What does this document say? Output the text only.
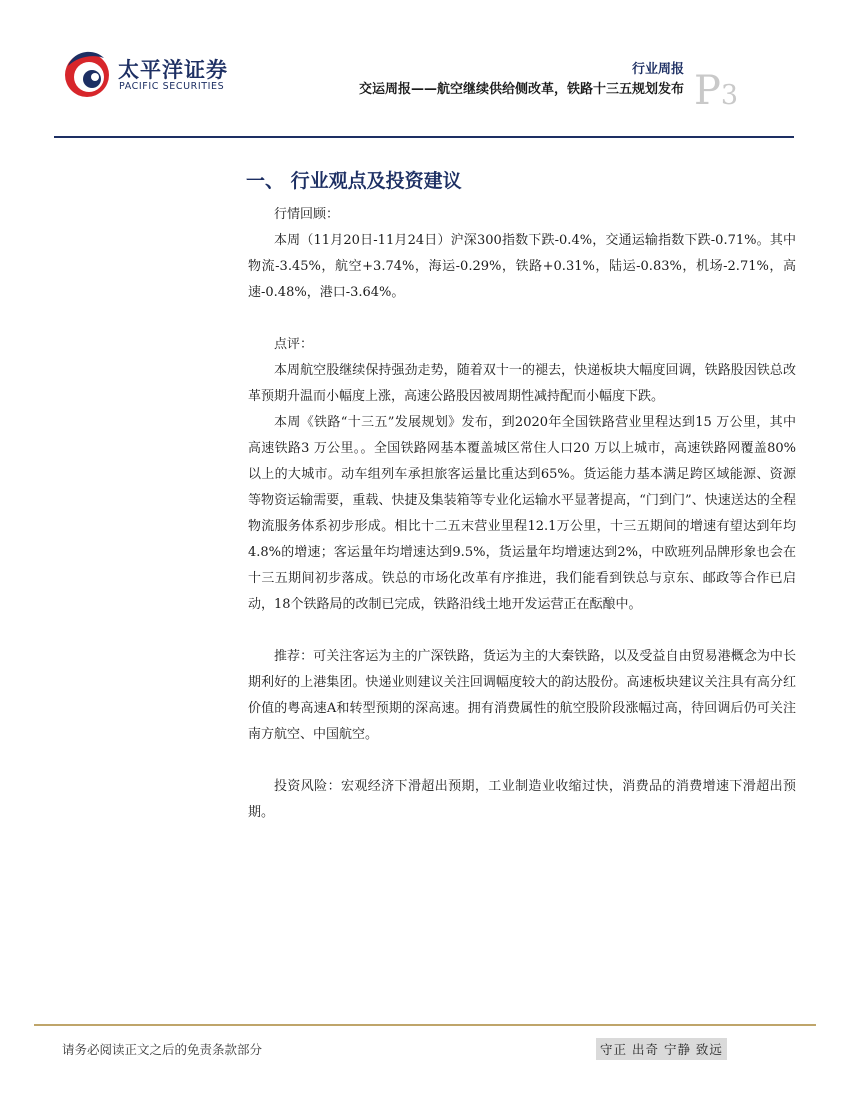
太平洋证券
PACIFIC SECURITIES
行业周报
交运周报——航空继续供给侧改革，铁路十三五规划发布 P3
一、 行业观点及投资建议

行情回顾：

本周（11月20日-11月24日）沪深300指数下跌-0.4%，交通运输指数下跌-0.71%。其中物流-3.45%，航空+3.74%，海运-0.29%，铁路+0.31%，陆运-0.83%，机场-2.71%，高速-0.48%，港口-3.64%。

点评：

本周航空股继续保持强劲走势，随着双十一的褪去，快递板块大幅度回调，铁路股因铁总改革预期升温而小幅度上涨，高速公路股因被周期性减持配而小幅度下跌。

本周《铁路“十三五”发展规划》发布，到2020年全国铁路营业里程达到15 万公里，其中高速铁路3 万公里。。全国铁路网基本覆盖城区常住人口20 万以上城市，高速铁路网覆盖80%以上的大城市。动车组列车承担旅客运量比重达到65%。货运能力基本满足跨区域能源、资源等物资运输需要，重载、快捷及集装箱等专业化运输水平显著提高，“门到门”、快速送达的全程物流服务体系初步形成。相比十二五末营业里程12.1万公里，十三五期间的增速有望达到年均4.8%的增速；客运量年均增速达到9.5%，货运量年均增速达到2%，中欧班列品牌形象也会在十三五期间初步落成。铁总的市场化改革有序推进，我们能看到铁总与京东、邮政等合作已启动，18个铁路局的改制已完成，铁路沿线土地开发运营正在酝酿中。

推荐：可关注客运为主的广深铁路，货运为主的大秦铁路，以及受益自由贸易港概念为中长期利好的上港集团。快递业则建议关注回调幅度较大的韵达股份。高速板块建议关注具有高分红价值的粤高速A和转型预期的深高速。拥有消费属性的航空股阶段涨幅过高，待回调后仍可关注南方航空、中国航空。

投资风险：宏观经济下滑超出预期，工业制造业收缩过快，消费品的消费增速下滑超出预期。

请务必阅读正文之后的免责条款部分	守正 出奇 宁静 致远
